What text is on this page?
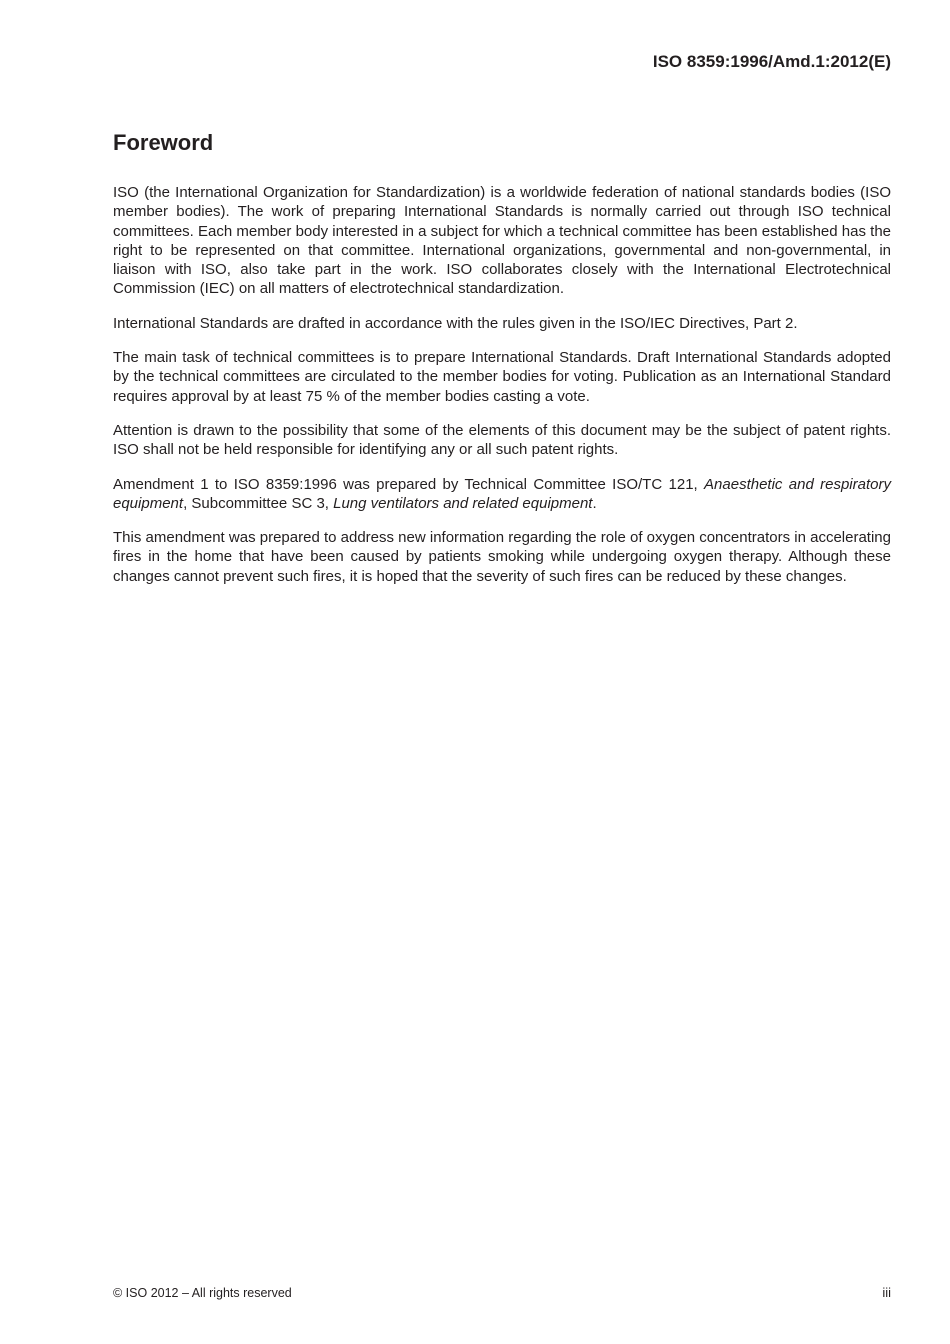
ISO 8359:1996/Amd.1:2012(E)
Foreword

ISO (the International Organization for Standardization) is a worldwide federation of national standards bodies (ISO member bodies). The work of preparing International Standards is normally carried out through ISO technical committees. Each member body interested in a subject for which a technical committee has been established has the right to be represented on that committee. International organizations, governmental and non-governmental, in liaison with ISO, also take part in the work. ISO collaborates closely with the International Electrotechnical Commission (IEC) on all matters of electrotechnical standardization.

International Standards are drafted in accordance with the rules given in the ISO/IEC Directives, Part 2.

The main task of technical committees is to prepare International Standards. Draft International Standards adopted by the technical committees are circulated to the member bodies for voting. Publication as an International Standard requires approval by at least 75 % of the member bodies casting a vote.

Attention is drawn to the possibility that some of the elements of this document may be the subject of patent rights. ISO shall not be held responsible for identifying any or all such patent rights.

Amendment 1 to ISO 8359:1996 was prepared by Technical Committee ISO/TC 121, Anaesthetic and respiratory equipment, Subcommittee SC 3, Lung ventilators and related equipment.

This amendment was prepared to address new information regarding the role of oxygen concentrators in accelerating fires in the home that have been caused by patients smoking while undergoing oxygen therapy. Although these changes cannot prevent such fires, it is hoped that the severity of such fires can be reduced by these changes.

© ISO 2012 – All rights reserved	iii
